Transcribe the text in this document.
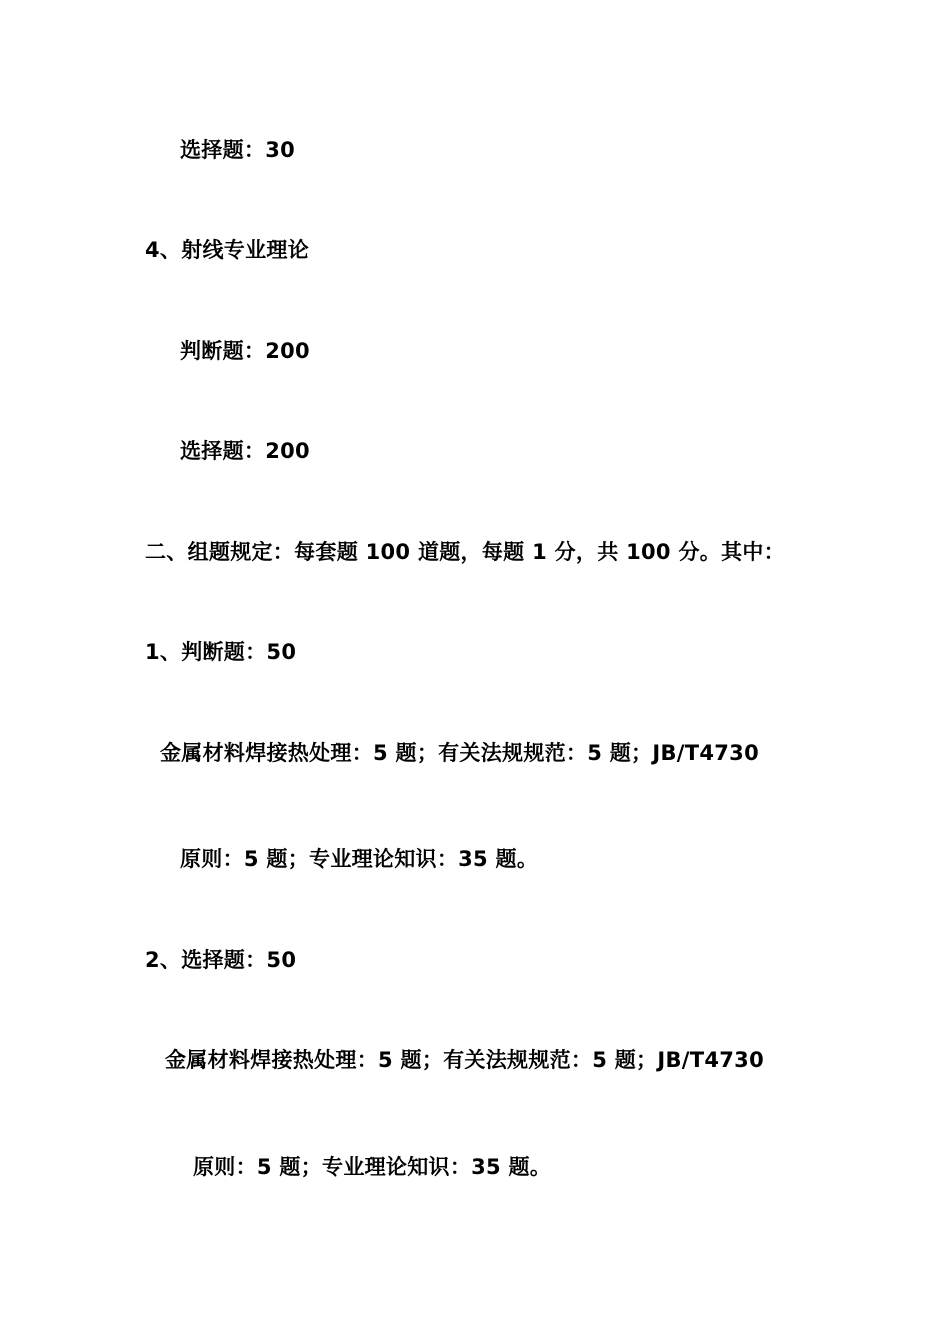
选择题：30
4、射线专业理论
判断题：200
选择题：200
二、组题规定：每套题 100 道题，每题 1 分，共 100 分。其中：
1、判断题：50
金属材料焊接热处理：5 题；有关法规规范：5 题；JB/T4730
原则：5 题；专业理论知识：35 题。
2、选择题：50
金属材料焊接热处理：5 题；有关法规规范：5 题；JB/T4730
原则：5 题；专业理论知识：35 题。
